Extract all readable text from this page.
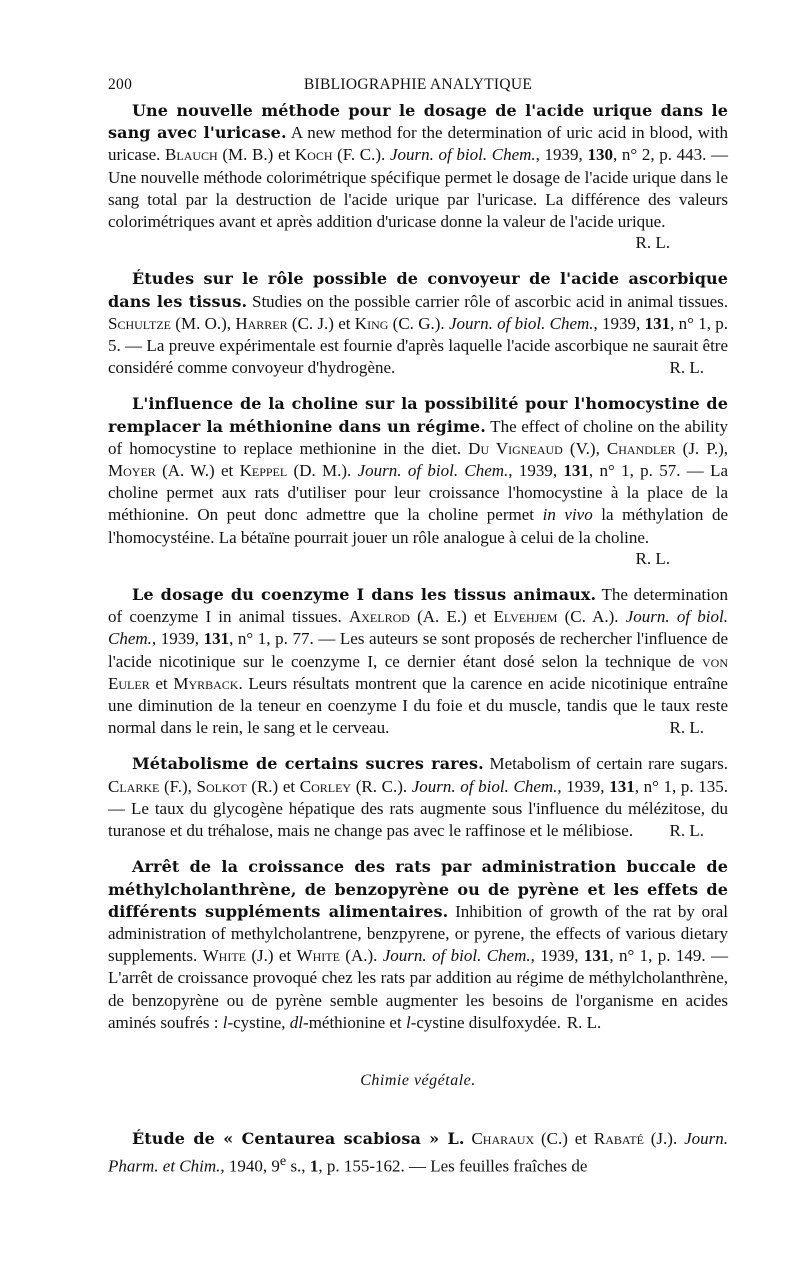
200	BIBLIOGRAPHIE ANALYTIQUE

Une nouvelle méthode pour le dosage de l'acide urique dans le sang avec l'uricase. A new method for the determination of uric acid in blood, with uricase. Blauch (M. B.) et Koch (F. C.). Journ. of biol. Chem., 1939, 130, n° 2, p. 443. — Une nouvelle méthode colorimétrique spécifique permet le dosage de l'acide urique dans le sang total par la destruction de l'acide urique par l'uricase. La différence des valeurs colorimétriques avant et après addition d'uricase donne la valeur de l'acide urique.
R. L.

Études sur le rôle possible de convoyeur de l'acide ascorbique dans les tissus. Studies on the possible carrier rôle of ascorbic acid in animal tissues. Schultze (M. O.), Harrer (C. J.) et King (C. G.). Journ. of biol. Chem., 1939, 131, n° 1, p. 5. — La preuve expérimentale est fournie d'après laquelle l'acide ascorbique ne saurait être considéré comme convoyeur d'hydrogène.	R. L.

L'influence de la choline sur la possibilité pour l'homocystine de remplacer la méthionine dans un régime. The effect of choline on the ability of homocystine to replace methionine in the diet. Du Vigneaud (V.), Chandler (J. P.), Moyer (A. W.) et Keppel (D. M.). Journ. of biol. Chem., 1939, 131, n° 1, p. 57. — La choline permet aux rats d'utiliser pour leur croissance l'homocystine à la place de la méthionine. On peut donc admettre que la choline permet in vivo la méthylation de l'homocystéine. La bétaïne pourrait jouer un rôle analogue à celui de la choline.
R. L.

Le dosage du coenzyme I dans les tissus animaux. The determination of coenzyme I in animal tissues. Axelrod (A. E.) et Elvehjem (C. A.). Journ. of biol. Chem., 1939, 131, n° 1, p. 77. — Les auteurs se sont proposés de rechercher l'influence de l'acide nicotinique sur le coenzyme I, ce dernier étant dosé selon la technique de von Euler et Myrback. Leurs résultats montrent que la carence en acide nicotinique entraîne une diminution de la teneur en coenzyme I du foie et du muscle, tandis que le taux reste normal dans le rein, le sang et le cerveau.	R. L.

Métabolisme de certains sucres rares. Metabolism of certain rare sugars. Clarke (F.), Solkot (R.) et Corley (R. C.). Journ. of biol. Chem., 1939, 131, n° 1, p. 135. — Le taux du glycogène hépatique des rats augmente sous l'influence du mélézitose, du turanose et du tréhalose, mais ne change pas avec le raffinose et le mélibiose.	R. L.

Arrêt de la croissance des rats par administration buccale de méthylcholanthrène, de benzopyrène ou de pyrène et les effets de différents suppléments alimentaires. Inhibition of growth of the rat by oral administration of methylcholantrene, benzpyrene, or pyrene, the effects of various dietary supplements. White (J.) et White (A.). Journ. of biol. Chem., 1939, 131, n° 1, p. 149. — L'arrêt de croissance provoqué chez les rats par addition au régime de méthylcholanthrène, de benzopyrène ou de pyrène semble augmenter les besoins de l'organisme en acides aminés soufrés : l-cystine, dl-méthionine et l-cystine disulfoxydée. R. L.

Chimie végétale.

Étude de « Centaurea scabiosa » L. Charaux (C.) et Rabaté (J.). Journ. Pharm. et Chim., 1940, 9e s., 1, p. 155-162. — Les feuilles fraîches de
